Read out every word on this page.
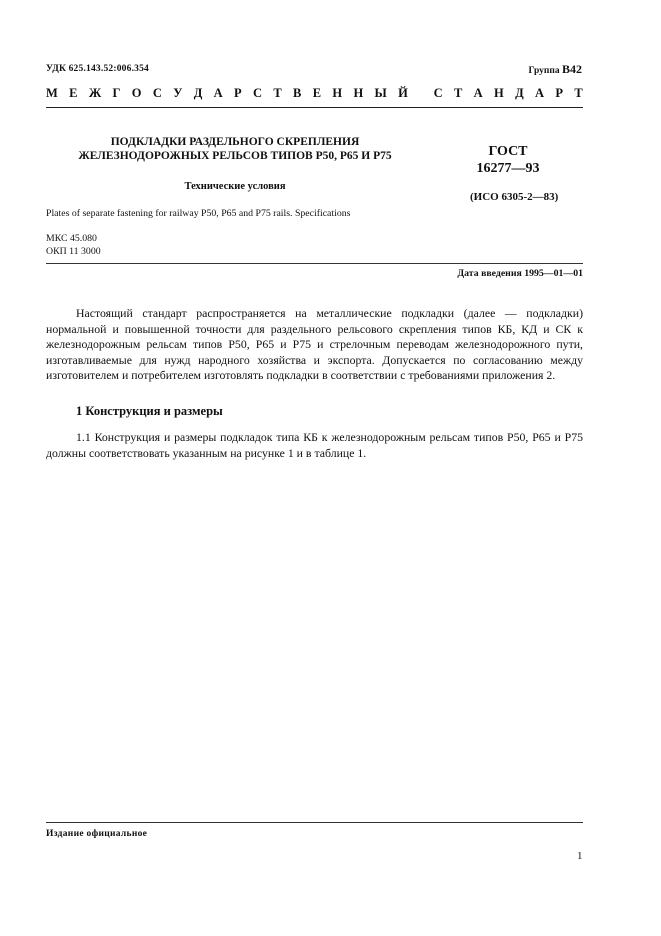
УДК 625.143.52:006.354	Группа В42
М Е Ж Г О С У Д А Р С Т В Е Н Н Ы Й
С Т А Н Д А Р Т
ПОДКЛАДКИ РАЗДЕЛЬНОГО СКРЕПЛЕНИЯ
ЖЕЛЕЗНОДОРОЖНЫХ РЕЛЬСОВ ТИПОВ Р50, Р65 И Р75
Технические условия
Plates of separate fastening for railway P50, P65 and P75 rails. Specifications
ГОСТ
16277—93
(ИСО 6305-2—83)
МКС 45.080
ОКП 11 3000
Дата введения 1995—01—01

Настоящий стандарт распространяется на металлические подкладки (далее — подкладки) нормальной и повышенной точности для раздельного рельсового скрепления типов КБ, КД и СК к железнодорожным рельсам типов Р50, Р65 и Р75 и стрелочным переводам железнодорожного пути, изготавливаемые для нужд народного хозяйства и экспорта. Допускается по согласованию между изготовителем и потребителем изготовлять подкладки в соответствии с требованиями приложения 2.

1 Конструкция и размеры

1.1 Конструкция и размеры подкладок типа КБ к железнодорожным рельсам типов Р50, Р65 и Р75 должны соответствовать указанным на рисунке 1 и в таблице 1.

Издание официальное
1
